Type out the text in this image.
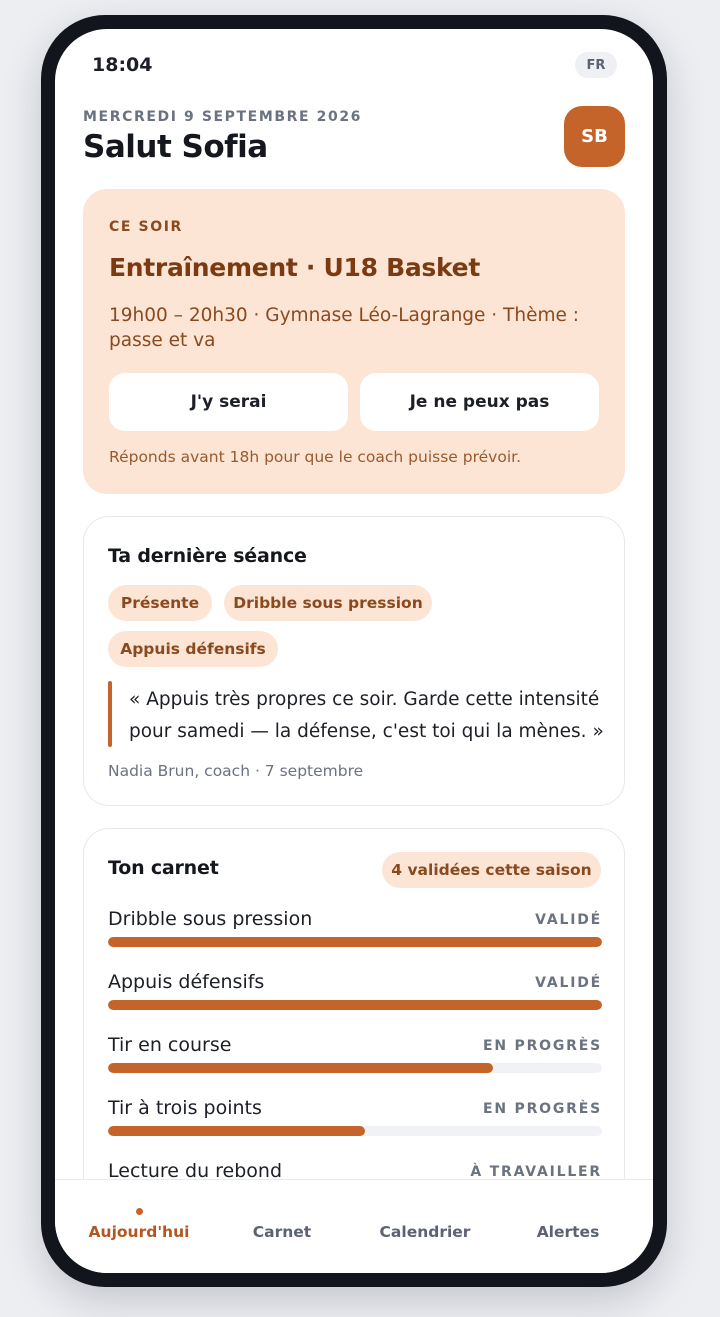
18:04	FR
MERCREDI 9 SEPTEMBRE 2026
Salut Sofia	SB
CE SOIR
Entraînement · U18 Basket
19h00 – 20h30 · Gymnase Léo-Lagrange · Thème : passe et va
J'y serai	Je ne peux pas
Réponds avant 18h pour que le coach puisse prévoir.
Ta dernière séance
Présente	Dribble sous pression
Appuis défensifs
« Appuis très propres ce soir. Garde cette intensité pour samedi — la défense, c'est toi qui la mènes. »
Nadia Brun, coach · 7 septembre
Ton carnet	4 validées cette saison
Dribble sous pression	VALIDÉ
Appuis défensifs	VALIDÉ
Tir en course	EN PROGRÈS
Tir à trois points	EN PROGRÈS
Lecture du rebond	À TRAVAILLER
Aujourd'hui	Carnet	Calendrier	Alertes
